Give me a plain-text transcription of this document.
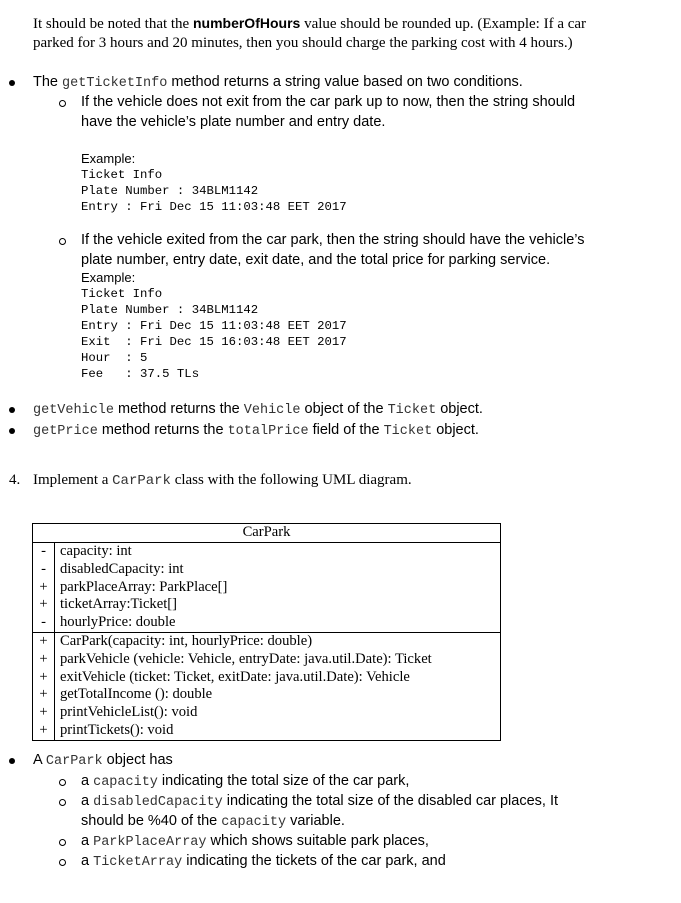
It should be noted that the numberOfHours value should be rounded up. (Example: If a car
parked for 3 hours and 20 minutes, then you should charge the parking cost with 4 hours.)
The getTicketInfo method returns a string value based on two conditions.
If the vehicle does not exit from the car park up to now, then the string should
have the vehicle’s plate number and entry date.
Example:
Ticket Info
Plate Number : 34BLM1142
Entry : Fri Dec 15 11:03:48 EET 2017
If the vehicle exited from the car park, then the string should have the vehicle’s
plate number, entry date, exit date, and the total price for parking service.
Example:
Ticket Info
Plate Number : 34BLM1142
Entry : Fri Dec 15 11:03:48 EET 2017
Exit  : Fri Dec 15 16:03:48 EET 2017
Hour  : 5
Fee   : 37.5 TLs
getVehicle method returns the Vehicle object of the Ticket object.
getPrice method returns the totalPrice field of the Ticket object.
4. Implement a CarPark class with the following UML diagram.
CarPark	
-	capacity: int
-	disabledCapacity: int
+	parkPlaceArray: ParkPlace[]
+	ticketArray:Ticket[]
-	hourlyPrice: double
+	CarPark(capacity: int, hourlyPrice: double)
+	parkVehicle (vehicle: Vehicle, entryDate: java.util.Date): Ticket
+	exitVehicle (ticket: Ticket, exitDate: java.util.Date): Vehicle
+	getTotalIncome (): double
+	printVehicleList(): void
+	printTickets(): void
A CarPark object has
a capacity indicating the total size of the car park,
a disabledCapacity indicating the total size of the disabled car places, It
should be %40 of the capacity variable.
a ParkPlaceArray which shows suitable park places,
a TicketArray indicating the tickets of the car park, and
